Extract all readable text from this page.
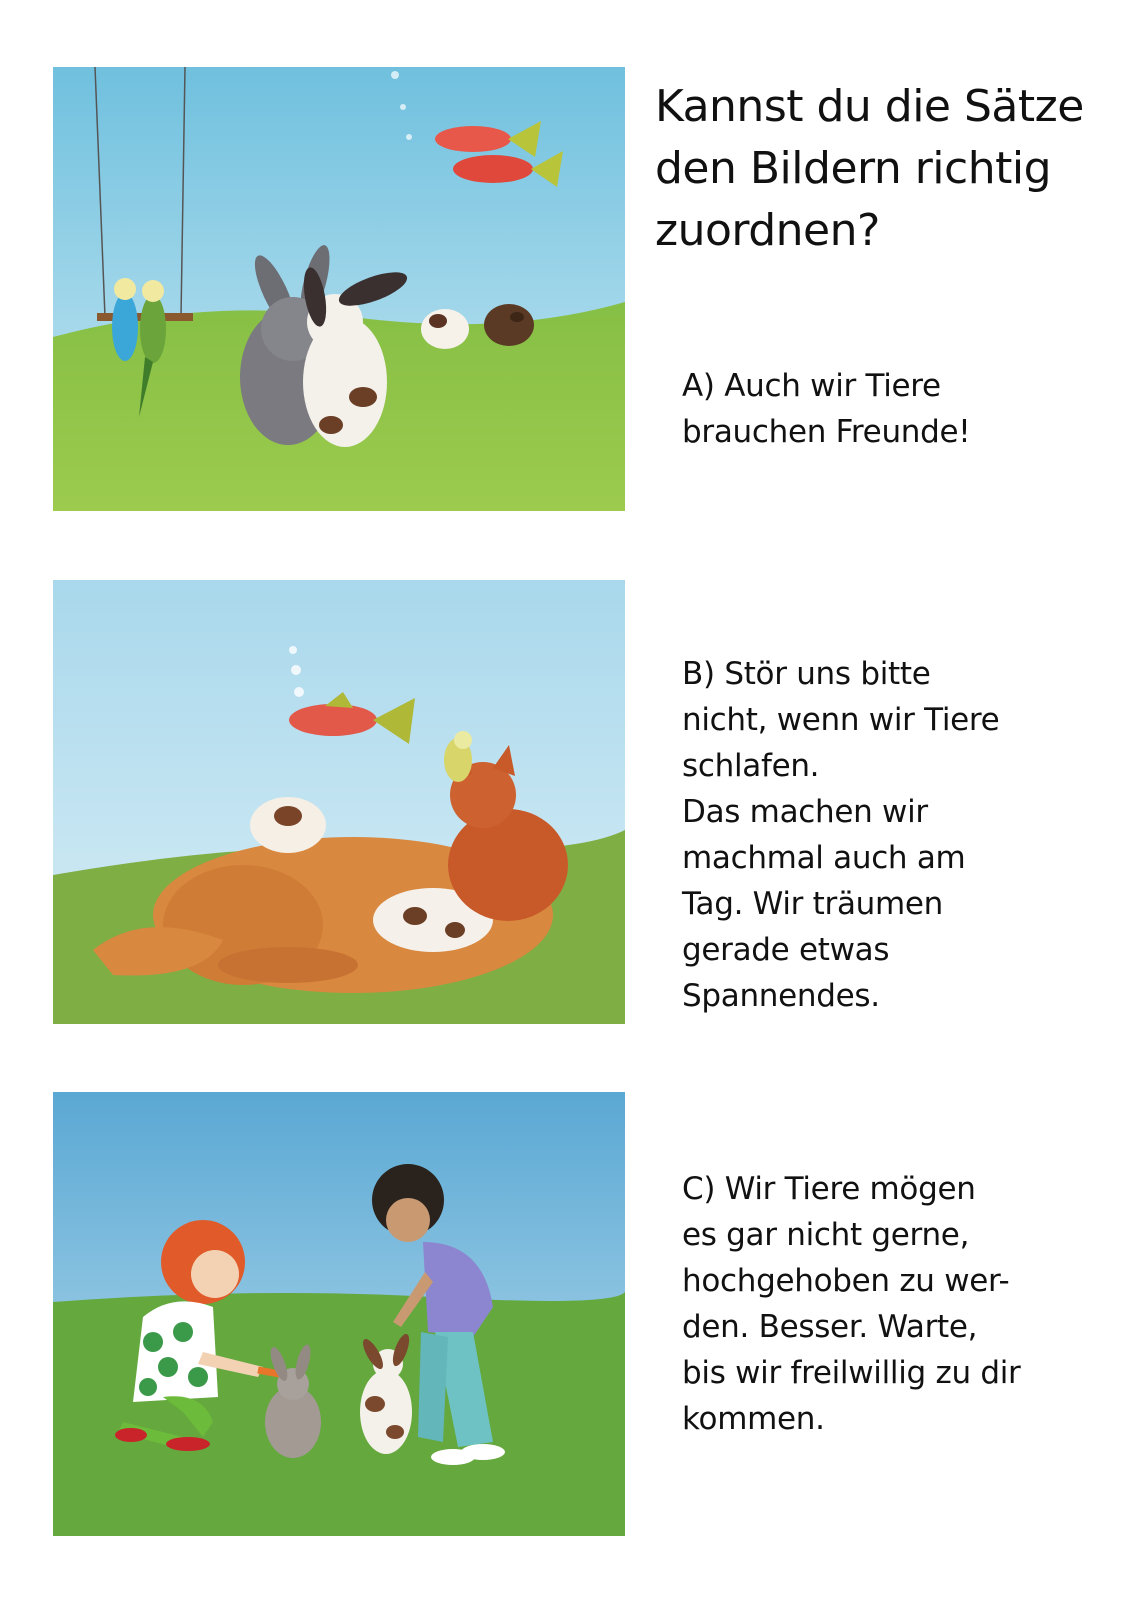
Kannst du die Sätze
den Bildern richtig
zuordnen?
A) Auch wir Tiere
brauchen Freunde!
B) Stör uns bitte
nicht, wenn wir Tiere
schlafen.
Das machen wir
machmal auch am
Tag. Wir träumen
gerade etwas
Spannendes.
C) Wir Tiere mögen
es gar nicht gerne,
hochgehoben zu wer-
den. Besser. Warte,
bis wir freilwillig zu dir
kommen.
